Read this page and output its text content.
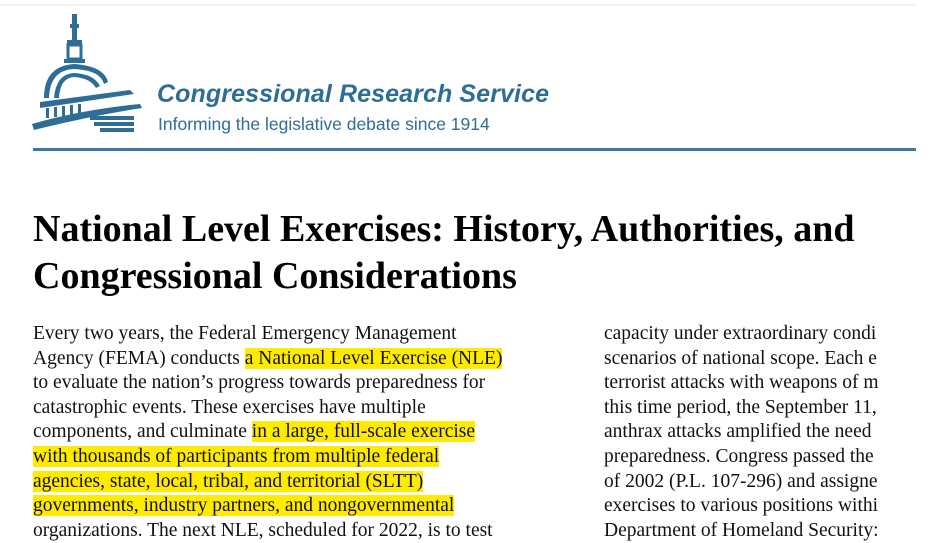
Congressional Research Service
Informing the legislative debate since 1914
National Level Exercises: History, Authorities, and
Congressional Considerations
Every two years, the Federal Emergency Management
Agency (FEMA) conducts a National Level Exercise (NLE)
to evaluate the nation’s progress towards preparedness for
catastrophic events. These exercises have multiple
components, and culminate in a large, full-scale exercise
with thousands of participants from multiple federal
agencies, state, local, tribal, and territorial (SLTT)
governments, industry partners, and nongovernmental
organizations. The next NLE, scheduled for 2022, is to test
capacity under extraordinary condi
scenarios of national scope. Each e
terrorist attacks with weapons of m
this time period, the September 11,
anthrax attacks amplified the need
preparedness. Congress passed the
of 2002 (P.L. 107-296) and assigne
exercises to various positions withi
Department of Homeland Security:
